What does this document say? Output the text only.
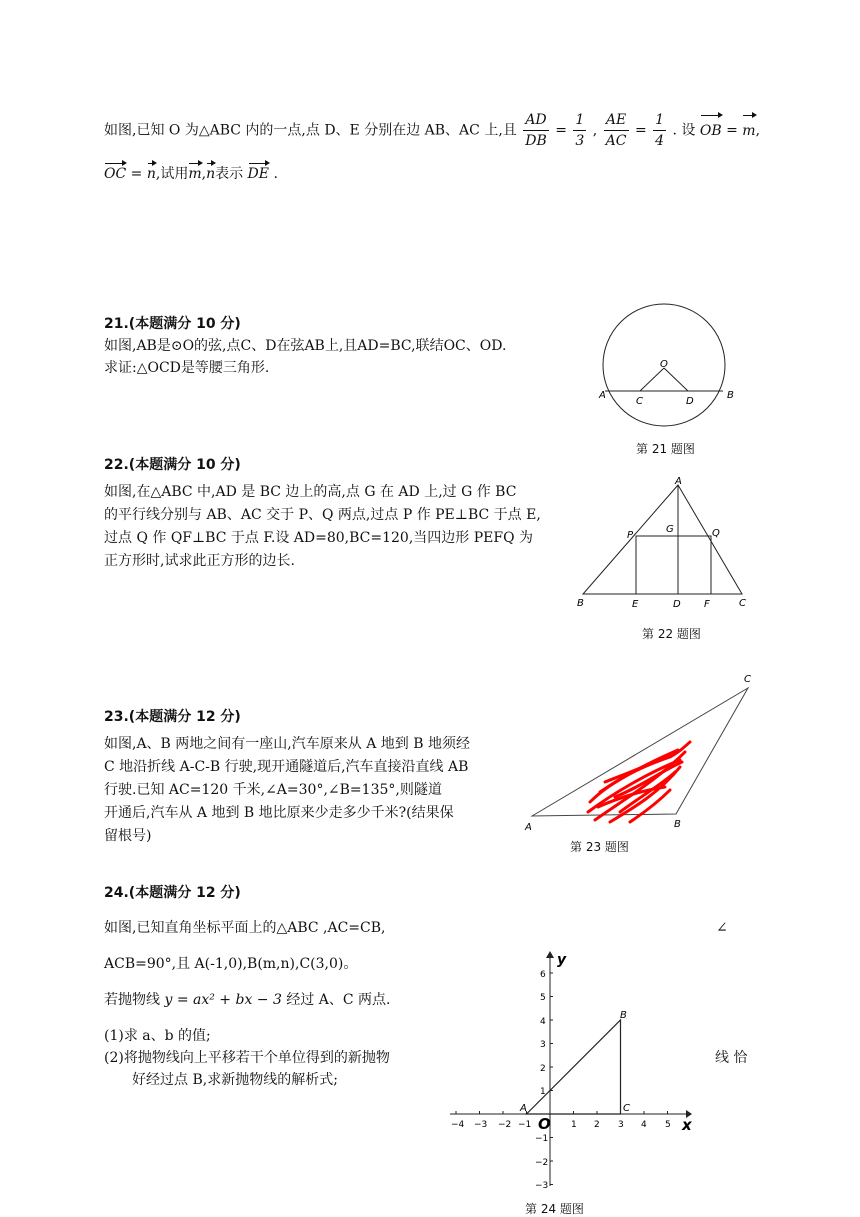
如图,已知 O 为△ABC 内的一点,点 D、E 分别在边 AB、AC 上,且 $\frac{AD}{DB} = \frac{1}{3}$ , $\frac{AE}{AC} = \frac{1}{4}$ . 设 OB = m,
OC = n,试用m,n表示 DE .
21.(本题满分 10 分)
如图,AB是⊙O的弦,点C、D在弦AB上,且AD=BC,联结OC、OD.
求证:△OCD是等腰三角形.	O
A	B
C	D
第 21 题图
22.(本题满分 10 分)
如图,在△ABC 中,AD 是 BC 边上的高,点 G 在 AD 上,过 G 作 BC
的平行线分别与 AB、AC 交于 P、Q 两点,过点 P 作 PE⊥BC 于点 E,
过点 Q 作 QF⊥BC 于点 F.设 AD=80,BC=120,当四边形 PEFQ 为
正方形时,试求此正方形的边长.
A
P
G	Q
B	E	D F	C
第 22 题图
23.(本题满分 12 分)
如图,A、B 两地之间有一座山,汽车原来从 A 地到 B 地须经
C 地沿折线 A-C-B 行驶,现开通隧道后,汽车直接沿直线 AB
行驶.已知 AC=120 千米,∠A=30°,∠B=135°,则隧道
开通后,汽车从 A 地到 B 地比原来少走多少千米?(结果保
留根号)
A	B
C
第 23 题图
24.(本题满分 12 分)
如图,已知直角坐标平面上的△ABC ,AC=CB,	∠
ACB=90°,且 A(-1,0),B(m,n),C(3,0)。
若抛物线 y = ax² + bx − 3 经过 A、C 两点.
(1)求 a、b 的值;
(2)将抛物线向上平移若干个单位得到的新抛物	线 恰
好经过点 B,求新抛物线的解析式;
−4 −3 −2 −1	1 2 3 4 5
6
5
4
3
2
1
−1
−2
−3
x
y
O
A
B
C
第 24 题图
